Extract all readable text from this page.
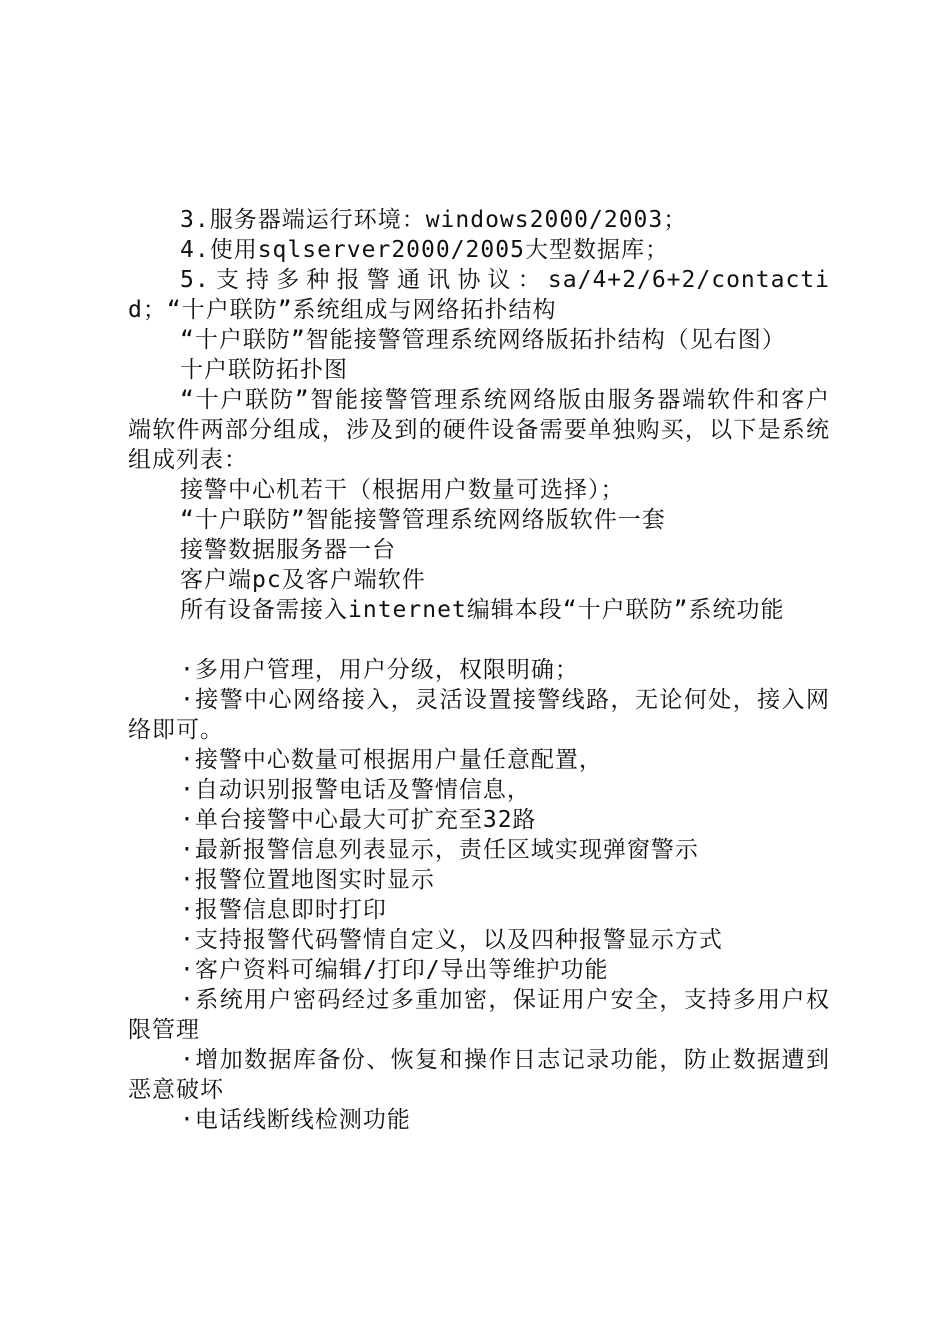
3.服务器端运行环境：windows2000/2003；

4.使用sqlserver2000/2005大型数据库；

5.支持多种报警通讯协议：sa/4+2/6+2/contactid；“十户联防”系统组成与网络拓扑结构

“十户联防”智能接警管理系统网络版拓扑结构（见右图）

十户联防拓扑图

“十户联防”智能接警管理系统网络版由服务器端软件和客户端软件两部分组成，涉及到的硬件设备需要单独购买，以下是系统组成列表：

接警中心机若干（根据用户数量可选择）；

“十户联防”智能接警管理系统网络版软件一套

接警数据服务器一台

客户端pc及客户端软件

所有设备需接入internet编辑本段“十户联防”系统功能

·多用户管理，用户分级，权限明确；

·接警中心网络接入，灵活设置接警线路，无论何处，接入网络即可。

·接警中心数量可根据用户量任意配置，

·自动识别报警电话及警情信息，

·单台接警中心最大可扩充至32路

·最新报警信息列表显示，责任区域实现弹窗警示

·报警位置地图实时显示

·报警信息即时打印

·支持报警代码警情自定义，以及四种报警显示方式

·客户资料可编辑/打印/导出等维护功能

·系统用户密码经过多重加密，保证用户安全，支持多用户权限管理

·增加数据库备份、恢复和操作日志记录功能，防止数据遭到恶意破坏

·电话线断线检测功能
